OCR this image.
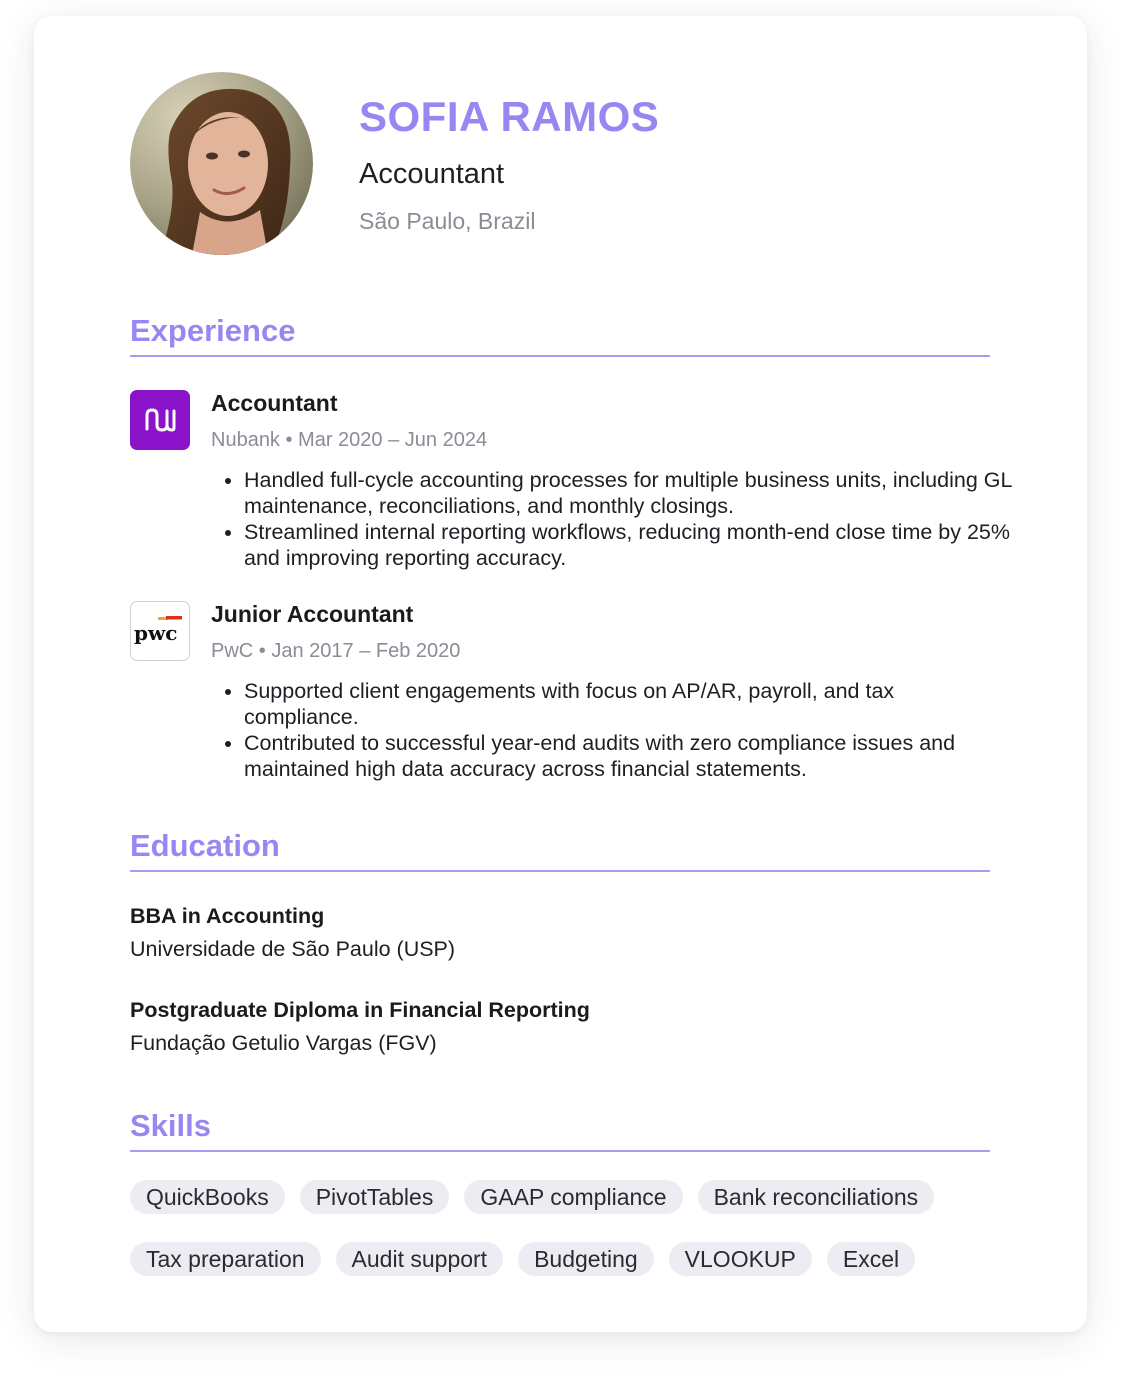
SOFIA RAMOS
Accountant
São Paulo, Brazil
Experience
Accountant
Nubank • Mar 2020 – Jun 2024
• Handled full-cycle accounting processes for multiple business units, including GL maintenance, reconciliations, and monthly closings.
• Streamlined internal reporting workflows, reducing month-end close time by 25% and improving reporting accuracy.
pwc
Junior Accountant
PwC • Jan 2017 – Feb 2020
• Supported client engagements with focus on AP/AR, payroll, and tax compliance.
• Contributed to successful year-end audits with zero compliance issues and maintained high data accuracy across financial statements.
Education
BBA in Accounting
Universidade de São Paulo (USP)
Postgraduate Diploma in Financial Reporting
Fundação Getulio Vargas (FGV)
Skills
QuickBooks	PivotTables	GAAP compliance	Bank reconciliations
Tax preparation	Audit support	Budgeting	VLOOKUP	Excel
